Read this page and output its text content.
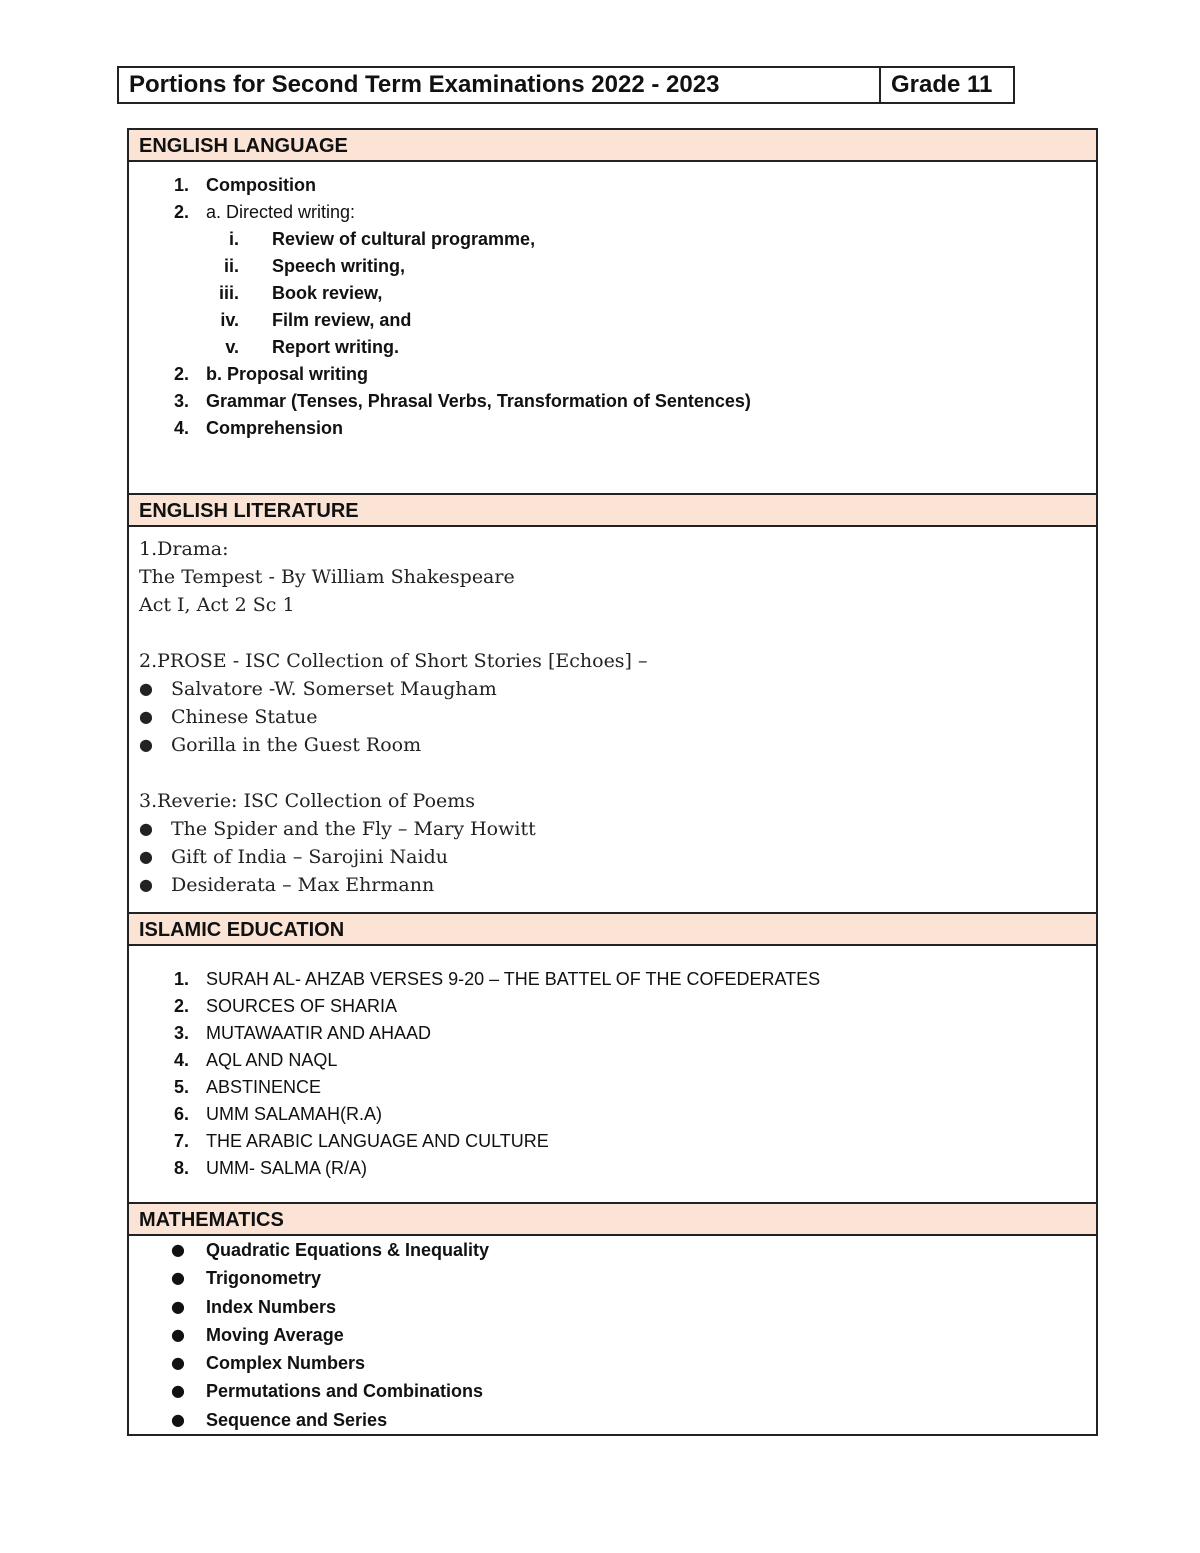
Portions for Second Term Examinations 2022 - 2023	Grade 11
ENGLISH LANGUAGE
1. Composition
2. a. Directed writing:
i. Review of cultural programme,
ii. Speech writing,
iii. Book review,
iv. Film review, and
v. Report writing.
2. b. Proposal writing
3. Grammar (Tenses, Phrasal Verbs, Transformation of Sentences)
4. Comprehension
ENGLISH LITERATURE
1.Drama:
The Tempest - By William Shakespeare
Act I, Act 2 Sc 1
2.PROSE - ISC Collection of Short Stories [Echoes] –
● Salvatore -W. Somerset Maugham
● Chinese Statue
● Gorilla in the Guest Room
3.Reverie: ISC Collection of Poems
● The Spider and the Fly – Mary Howitt
● Gift of India – Sarojini Naidu
● Desiderata – Max Ehrmann
ISLAMIC EDUCATION
1. SURAH AL- AHZAB VERSES 9-20 – THE BATTEL OF THE COFEDERATES
2. SOURCES OF SHARIA
3. MUTAWAATIR AND AHAAD
4. AQL AND NAQL
5. ABSTINENCE
6. UMM SALAMAH(R.A)
7. THE ARABIC LANGUAGE AND CULTURE
8. UMM- SALMA (R/A)
MATHEMATICS
● Quadratic Equations & Inequality
● Trigonometry
● Index Numbers
● Moving Average
● Complex Numbers
● Permutations and Combinations
● Sequence and Series
